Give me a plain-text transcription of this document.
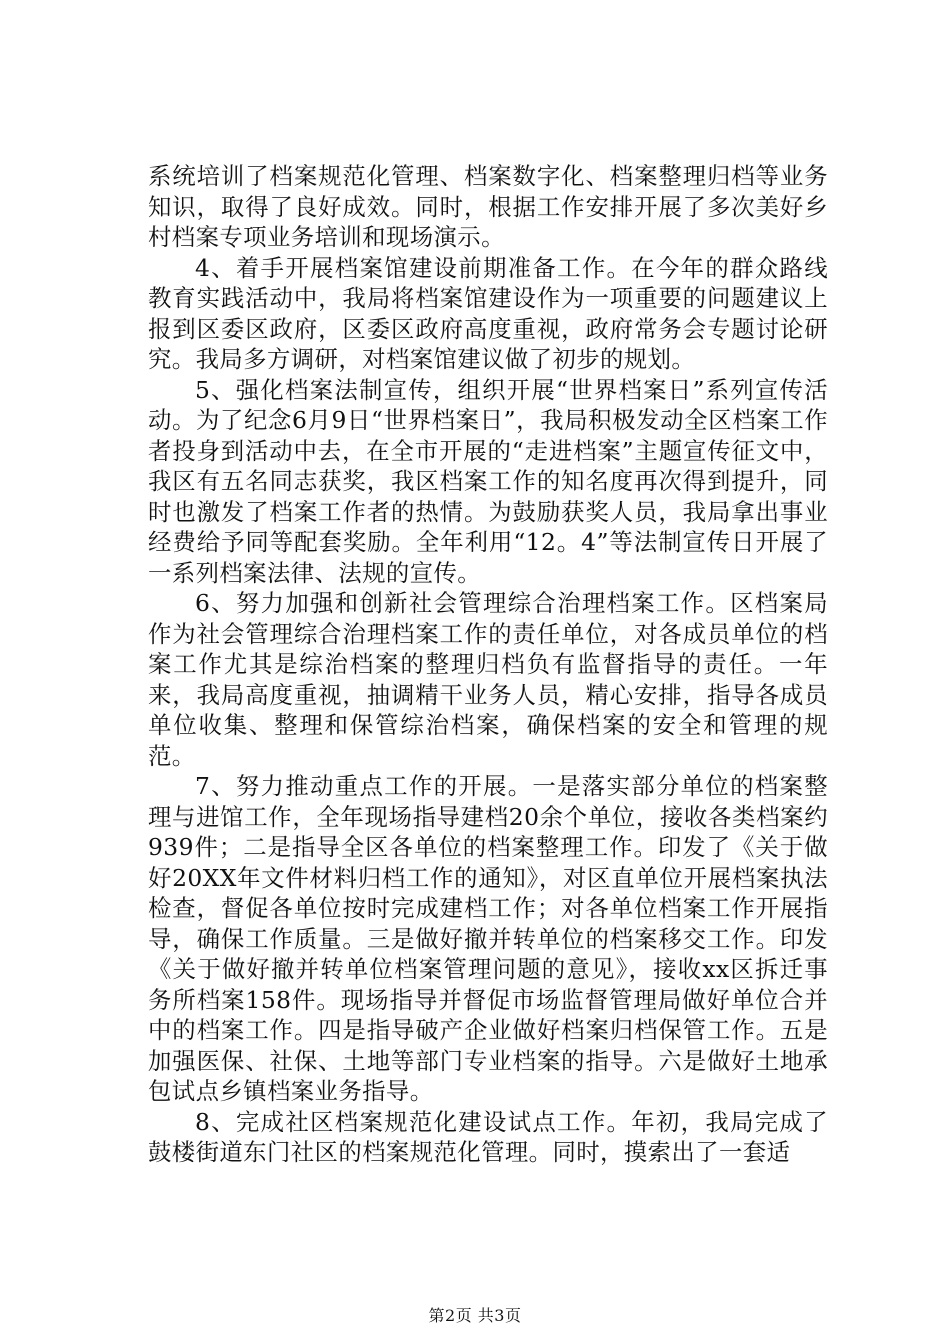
系统培训了档案规范化管理、档案数字化、档案整理归档等业务知识，取得了良好成效。同时，根据工作安排开展了多次美好乡村档案专项业务培训和现场演示。

4、着手开展档案馆建设前期准备工作。在今年的群众路线教育实践活动中，我局将档案馆建设作为一项重要的问题建议上报到区委区政府，区委区政府高度重视，政府常务会专题讨论研究。我局多方调研，对档案馆建议做了初步的规划。

5、强化档案法制宣传，组织开展“世界档案日”系列宣传活动。为了纪念6月9日“世界档案日”，我局积极发动全区档案工作者投身到活动中去，在全市开展的“走进档案”主题宣传征文中，我区有五名同志获奖，我区档案工作的知名度再次得到提升，同时也激发了档案工作者的热情。为鼓励获奖人员，我局拿出事业经费给予同等配套奖励。全年利用“12。4”等法制宣传日开展了一系列档案法律、法规的宣传。

6、努力加强和创新社会管理综合治理档案工作。区档案局作为社会管理综合治理档案工作的责任单位，对各成员单位的档案工作尤其是综治档案的整理归档负有监督指导的责任。一年来，我局高度重视，抽调精干业务人员，精心安排，指导各成员单位收集、整理和保管综治档案，确保档案的安全和管理的规范。

7、努力推动重点工作的开展。一是落实部分单位的档案整理与进馆工作，全年现场指导建档20余个单位，接收各类档案约939件；二是指导全区各单位的档案整理工作。印发了《关于做好20XX年文件材料归档工作的通知》，对区直单位开展档案执法检查，督促各单位按时完成建档工作；对各单位档案工作开展指导，确保工作质量。三是做好撤并转单位的档案移交工作。印发《关于做好撤并转单位档案管理问题的意见》，接收xx区拆迁事务所档案158件。现场指导并督促市场监督管理局做好单位合并中的档案工作。四是指导破产企业做好档案归档保管工作。五是加强医保、社保、土地等部门专业档案的指导。六是做好土地承包试点乡镇档案业务指导。

8、完成社区档案规范化建设试点工作。年初，我局完成了鼓楼街道东门社区的档案规范化管理。同时，摸索出了一套适

第2页 共3页
